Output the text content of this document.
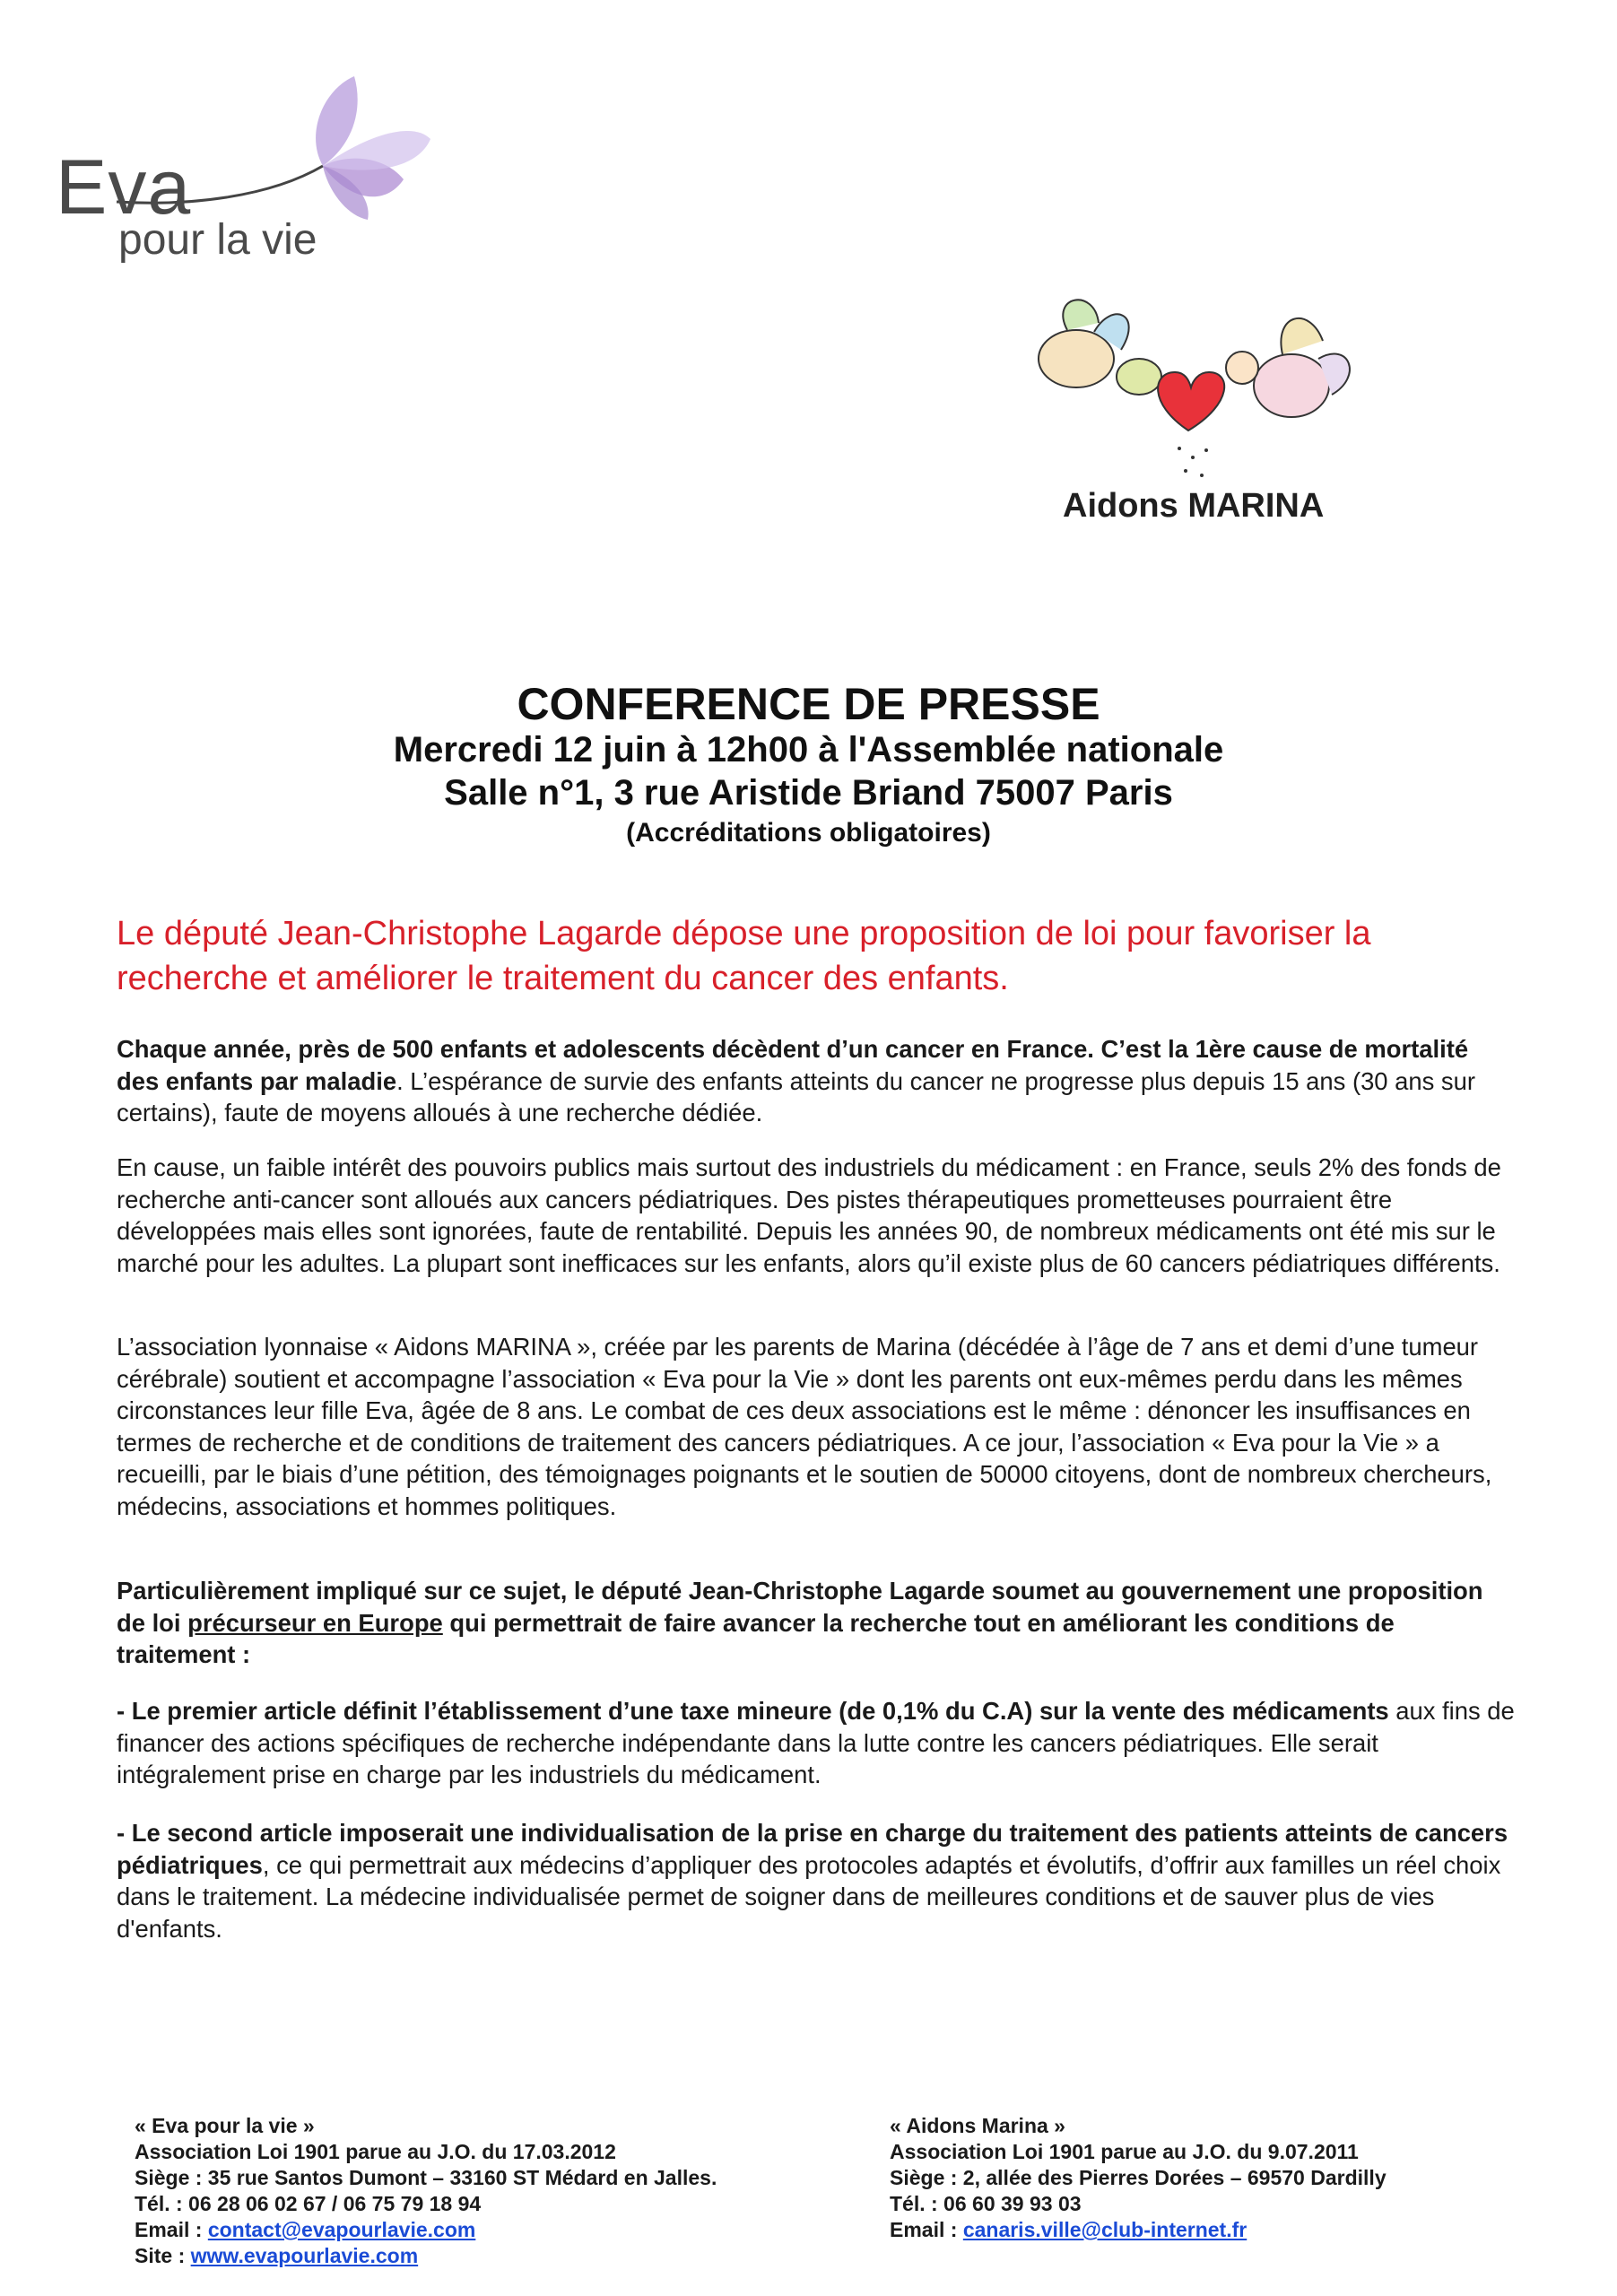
Eva
pour la vie
Aidons MARINA
CONFERENCE DE PRESSE
Mercredi 12 juin à 12h00 à l'Assemblée nationale
Salle n°1, 3 rue Aristide Briand 75007 Paris
(Accréditations obligatoires)
Le député Jean-Christophe Lagarde dépose une proposition de loi pour favoriser la recherche et améliorer le traitement du cancer des enfants.
Chaque année, près de 500 enfants et adolescents décèdent d’un cancer en France. C’est la 1ère cause de mortalité des enfants par maladie. L’espérance de survie des enfants atteints du cancer ne progresse plus depuis 15 ans (30 ans sur certains), faute de moyens alloués à une recherche dédiée.
En cause, un faible intérêt des pouvoirs publics mais surtout des industriels du médicament : en France, seuls 2% des fonds de recherche anti-cancer sont alloués aux cancers pédiatriques. Des pistes thérapeutiques prometteuses pourraient être développées mais elles sont ignorées, faute de rentabilité. Depuis les années 90, de nombreux médicaments ont été mis sur le marché pour les adultes. La plupart sont inefficaces sur les enfants, alors qu’il existe plus de 60 cancers pédiatriques différents.
L’association lyonnaise « Aidons MARINA », créée par les parents de Marina (décédée à l’âge de 7 ans et demi d’une tumeur cérébrale) soutient et accompagne l’association « Eva pour la Vie » dont les parents ont eux-mêmes perdu dans les mêmes circonstances leur fille Eva, âgée de 8 ans. Le combat de ces deux associations est le même : dénoncer les insuffisances en termes de recherche et de conditions de traitement des cancers pédiatriques. A ce jour, l’association « Eva pour la Vie » a recueilli, par le biais d’une pétition, des témoignages poignants et le soutien de 50000 citoyens, dont de nombreux chercheurs, médecins, associations et hommes politiques.
Particulièrement impliqué sur ce sujet, le député Jean-Christophe Lagarde soumet au gouvernement une proposition de loi précurseur en Europe qui permettrait de faire avancer la recherche tout en améliorant les conditions de traitement :
- Le premier article définit l’établissement d’une taxe mineure (de 0,1% du C.A) sur la vente des médicaments aux fins de financer des actions spécifiques de recherche indépendante dans la lutte contre les cancers pédiatriques. Elle serait intégralement prise en charge par les industriels du médicament.
- Le second article imposerait une individualisation de la prise en charge du traitement des patients atteints de cancers pédiatriques, ce qui permettrait aux médecins d’appliquer des protocoles adaptés et évolutifs, d’offrir aux familles un réel choix dans le traitement. La médecine individualisée permet de soigner dans de meilleures conditions et de sauver plus de vies d'enfants.
« Eva pour la vie »
Association Loi 1901 parue au J.O. du 17.03.2012
Siège : 35 rue Santos Dumont – 33160 ST Médard en Jalles.
Tél. : 06 28 06 02 67 / 06 75 79 18 94
Email : contact@evapourlavie.com
Site : www.evapourlavie.com
« Aidons Marina »
Association Loi 1901 parue au J.O. du 9.07.2011
Siège : 2, allée des Pierres Dorées – 69570 Dardilly
Tél. : 06 60 39 93 03
Email : canaris.ville@club-internet.fr
